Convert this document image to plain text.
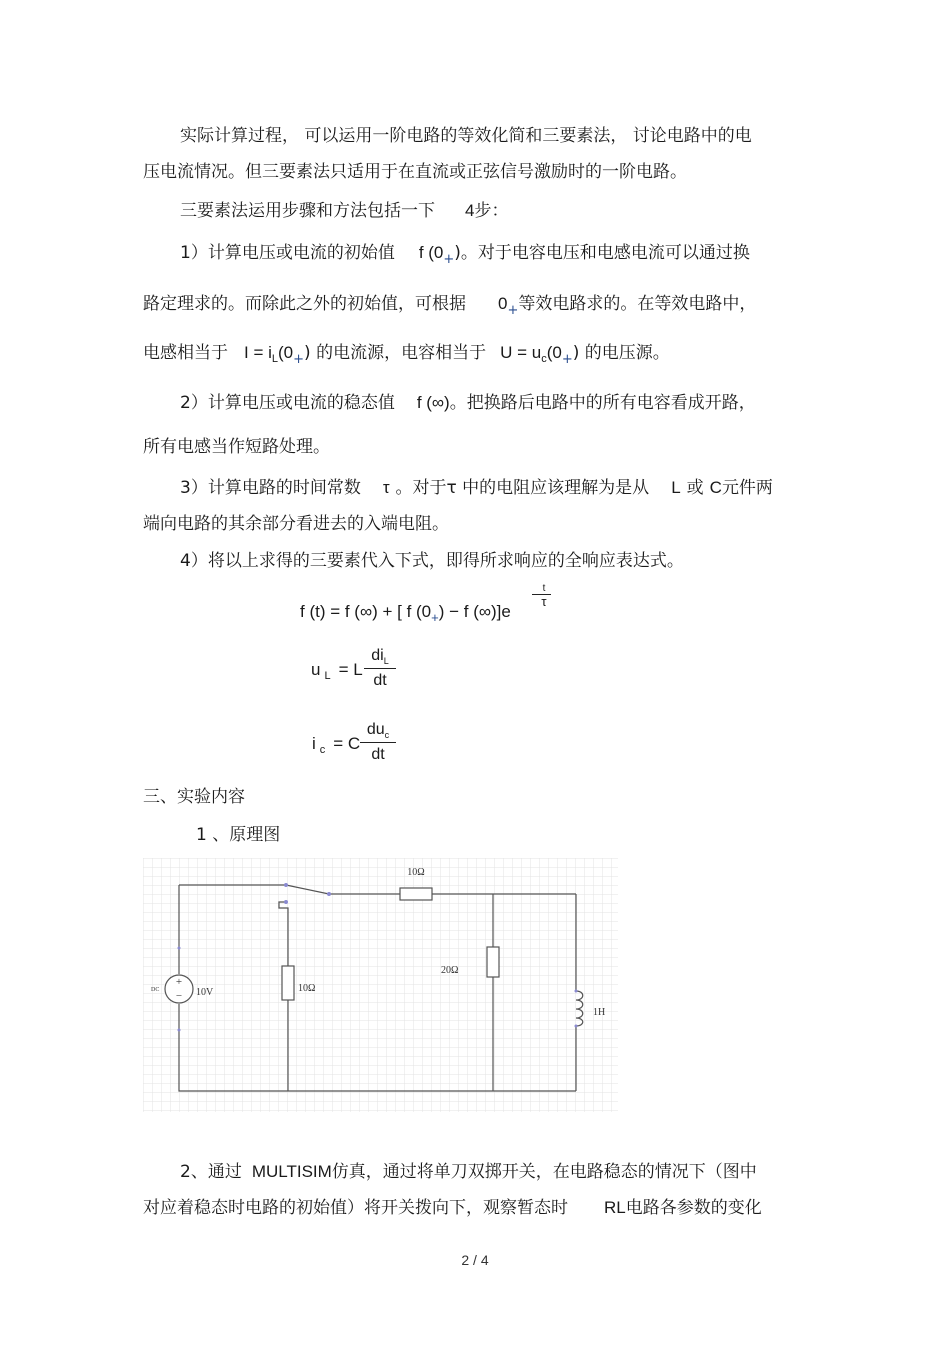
实际计算过程， 可以运用一阶电路的等效化简和三要素法， 讨论电路中的电
压电流情况。但三要素法只适用于在直流或正弦信号激励时的一阶电路。
三要素法运用步骤和方法包括一下 4步：
1）计算电压或电流的初始值 f $(0_+)$。对于电容电压和电感电流可以通过换
路定理求的。而除此之外的初始值，可根据 $0_+$等效电路求的。在等效电路中，
电感相当于 $I = i_L(0_+)$ 的电流源，电容相当于 $U = u_c(0_+)$ 的电压源。
2）计算电压或电流的稳态值 f (∞)。把换路后电路中的所有电容看成开路，
所有电感当作短路处理。
3）计算电路的时间常数 τ 。对于τ 中的电阻应该理解为是从 L 或 C元件两
端向电路的其余部分看进去的入端电阻。
4）将以上求得的三要素代入下式，即得所求响应的全响应表达式。
f (t) = f (∞) + [ f $(0_+) - f$ (∞)]e
t
τ
u $_L$ = L
$di_L$
dt
i $_c$ = C
$du_c$
dt
三、实验内容
1 、原理图
+
−
10Ω
10Ω
20Ω
10V
DC
1H
2、通过 MULTISIM仿真，通过将单刀双掷开关，在电路稳态的情况下（图中
对应着稳态时电路的初始值）将开关拨向下，观察暂态时 RL电路各参数的变化
2 / 4
